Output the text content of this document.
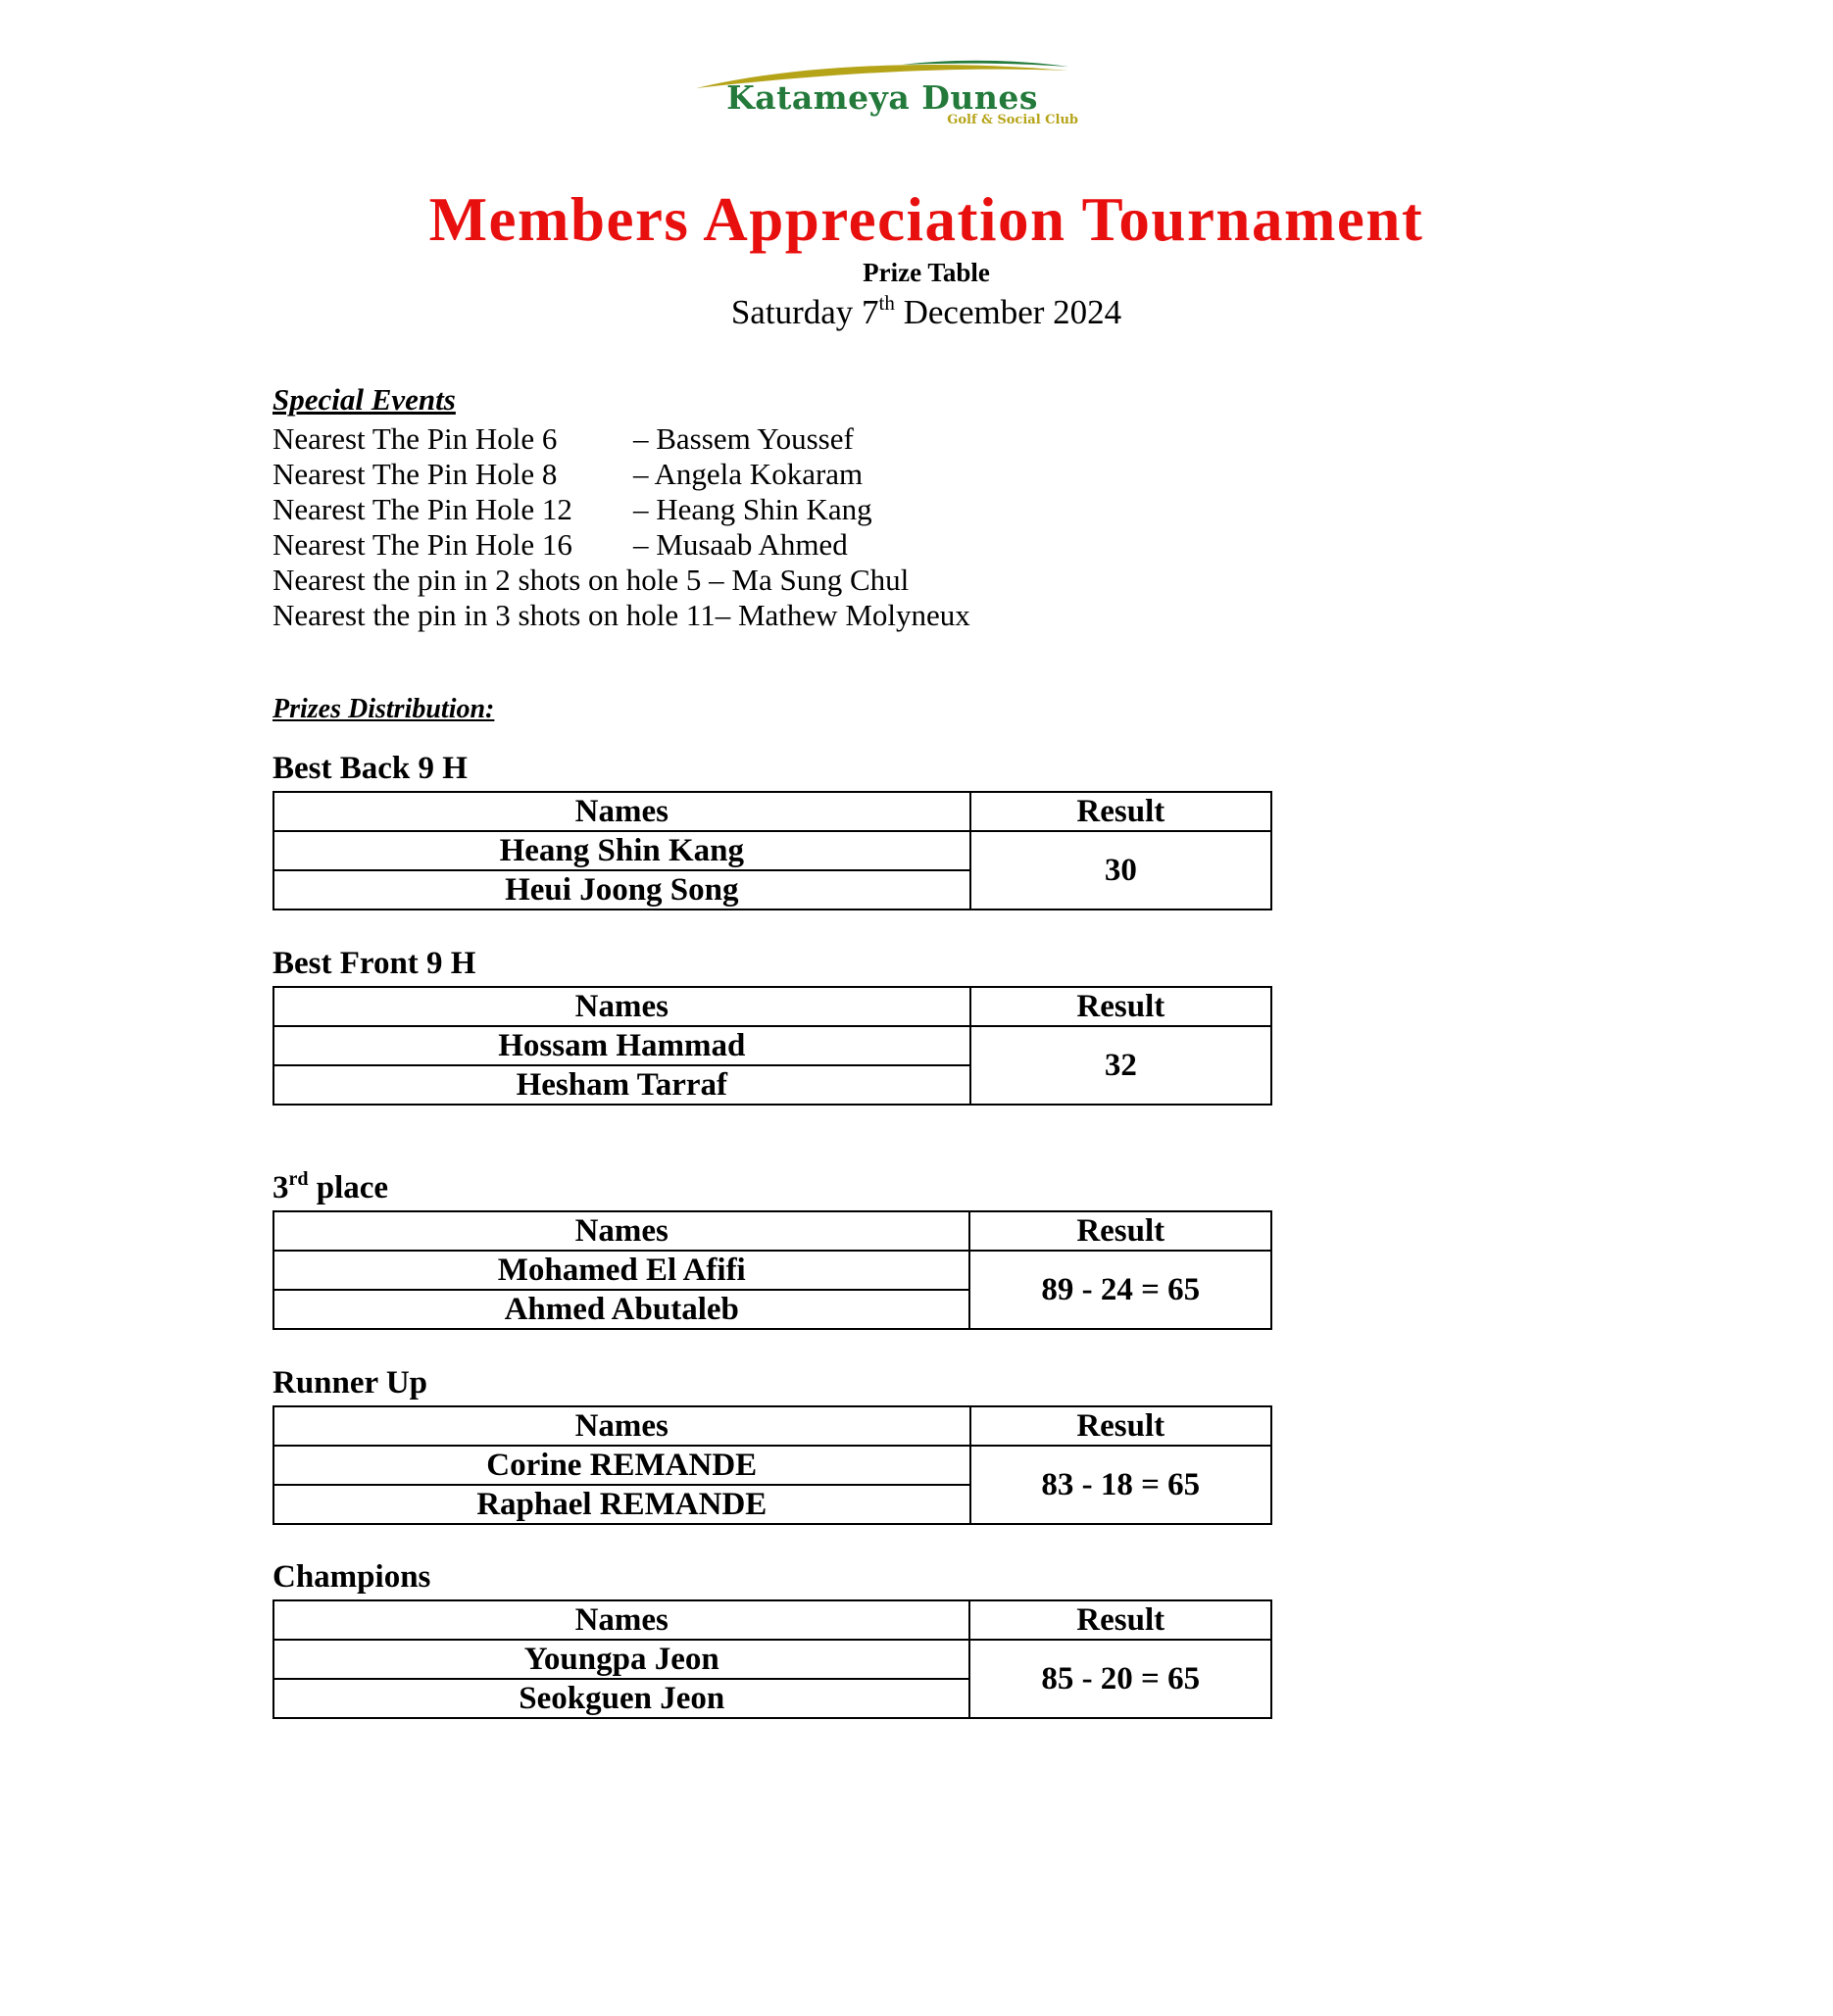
Katameya Dunes
Golf & Social Club
Members Appreciation Tournament
Prize Table
Saturday 7th December 2024
Special Events
Nearest The Pin Hole 6	– Bassem Youssef
Nearest The Pin Hole 8	– Angela Kokaram
Nearest The Pin Hole 12 – Heang Shin Kang
Nearest The Pin Hole 16 – Musaab Ahmed
Nearest the pin in 2 shots on hole 5 – Ma Sung Chul
Nearest the pin in 3 shots on hole 11– Mathew Molyneux
Prizes Distribution:
Best Back 9 H
Names	Result
Heang Shin Kang	30
Heui Joong Song	
Best Front 9 H
Names	Result
Hossam Hammad	32
Hesham Tarraf	
3rd place
Names	Result
Mohamed El Afifi	89 - 24 = 65
Ahmed Abutaleb	
Runner Up
Names	Result
Corine REMANDE	83 - 18 = 65
Raphael REMANDE	
Champions
Names	Result
Youngpa Jeon	85 - 20 = 65
Seokguen Jeon	
